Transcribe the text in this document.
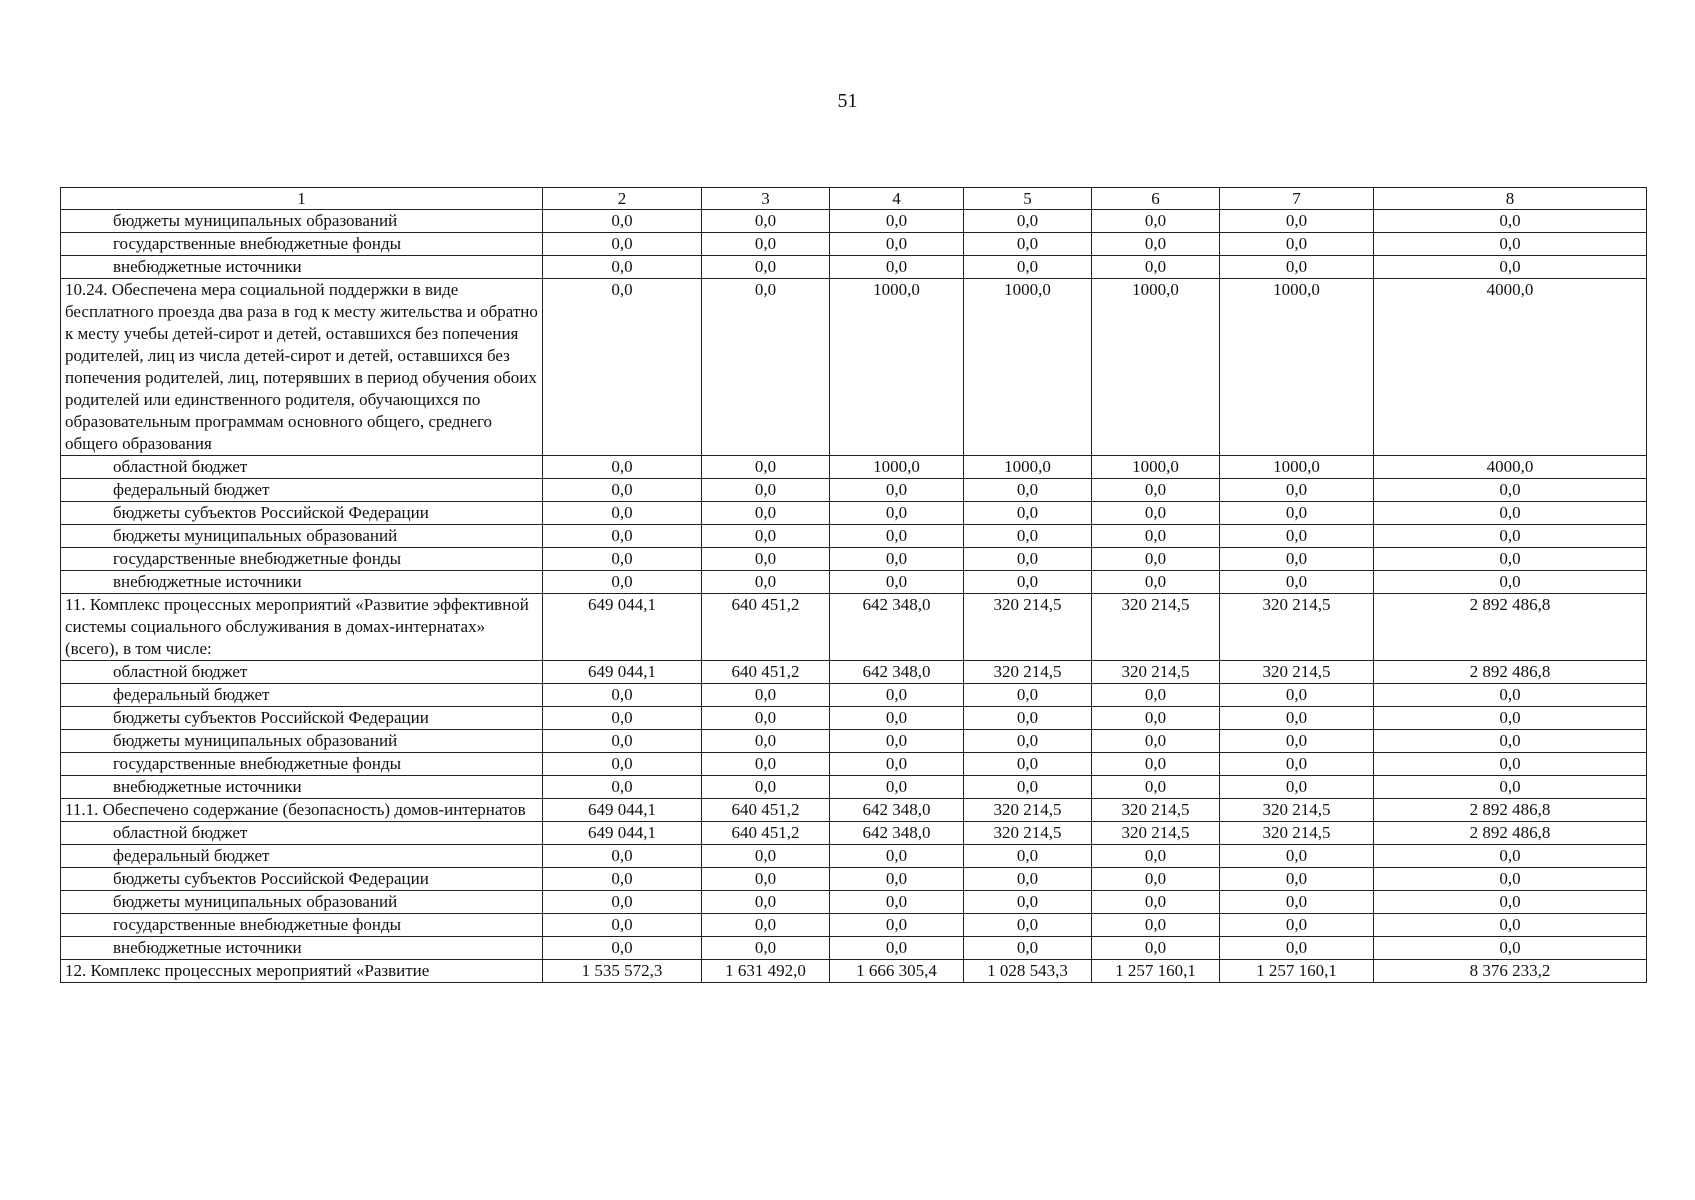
51
1	2	3	4	5	6	7	8
бюджеты муниципальных образований	0,0	0,0	0,0	0,0	0,0	0,0	0,0
государственные внебюджетные фонды	0,0	0,0	0,0	0,0	0,0	0,0	0,0
внебюджетные источники	0,0	0,0	0,0	0,0	0,0	0,0	0,0
10.24. Обеспечена мера социальной поддержки в виде бесплатного проезда два раза в год к месту жительства и обратно к месту учебы детей-сирот и детей, оставшихся без попечения родителей, лиц из числа детей-сирот и детей, оставшихся без попечения родителей, лиц, потерявших в период обучения обоих родителей или единственного родителя, обучающихся по образовательным программам основного общего, среднего общего образования	0,0	0,0	1000,0	1000,0	1000,0	1000,0	4000,0
областной бюджет	0,0	0,0	1000,0	1000,0	1000,0	1000,0	4000,0
федеральный бюджет	0,0	0,0	0,0	0,0	0,0	0,0	0,0
бюджеты субъектов Российской Федерации	0,0	0,0	0,0	0,0	0,0	0,0	0,0
бюджеты муниципальных образований	0,0	0,0	0,0	0,0	0,0	0,0	0,0
государственные внебюджетные фонды	0,0	0,0	0,0	0,0	0,0	0,0	0,0
внебюджетные источники	0,0	0,0	0,0	0,0	0,0	0,0	0,0
11. Комплекс процессных мероприятий «Развитие эффективной системы социального обслуживания в домах-интернатах» (всего), в том числе:	649 044,1	640 451,2	642 348,0	320 214,5	320 214,5	320 214,5	2 892 486,8
областной бюджет	649 044,1	640 451,2	642 348,0	320 214,5	320 214,5	320 214,5	2 892 486,8
федеральный бюджет	0,0	0,0	0,0	0,0	0,0	0,0	0,0
бюджеты субъектов Российской Федерации	0,0	0,0	0,0	0,0	0,0	0,0	0,0
бюджеты муниципальных образований	0,0	0,0	0,0	0,0	0,0	0,0	0,0
государственные внебюджетные фонды	0,0	0,0	0,0	0,0	0,0	0,0	0,0
внебюджетные источники	0,0	0,0	0,0	0,0	0,0	0,0	0,0
11.1. Обеспечено содержание (безопасность) домов-интернатов	649 044,1	640 451,2	642 348,0	320 214,5	320 214,5	320 214,5	2 892 486,8
областной бюджет	649 044,1	640 451,2	642 348,0	320 214,5	320 214,5	320 214,5	2 892 486,8
федеральный бюджет	0,0	0,0	0,0	0,0	0,0	0,0	0,0
бюджеты субъектов Российской Федерации	0,0	0,0	0,0	0,0	0,0	0,0	0,0
бюджеты муниципальных образований	0,0	0,0	0,0	0,0	0,0	0,0	0,0
государственные внебюджетные фонды	0,0	0,0	0,0	0,0	0,0	0,0	0,0
внебюджетные источники	0,0	0,0	0,0	0,0	0,0	0,0	0,0
12. Комплекс процессных мероприятий «Развитие	1 535 572,3	1 631 492,0	1 666 305,4	1 028 543,3	1 257 160,1	1 257 160,1	8 376 233,2
